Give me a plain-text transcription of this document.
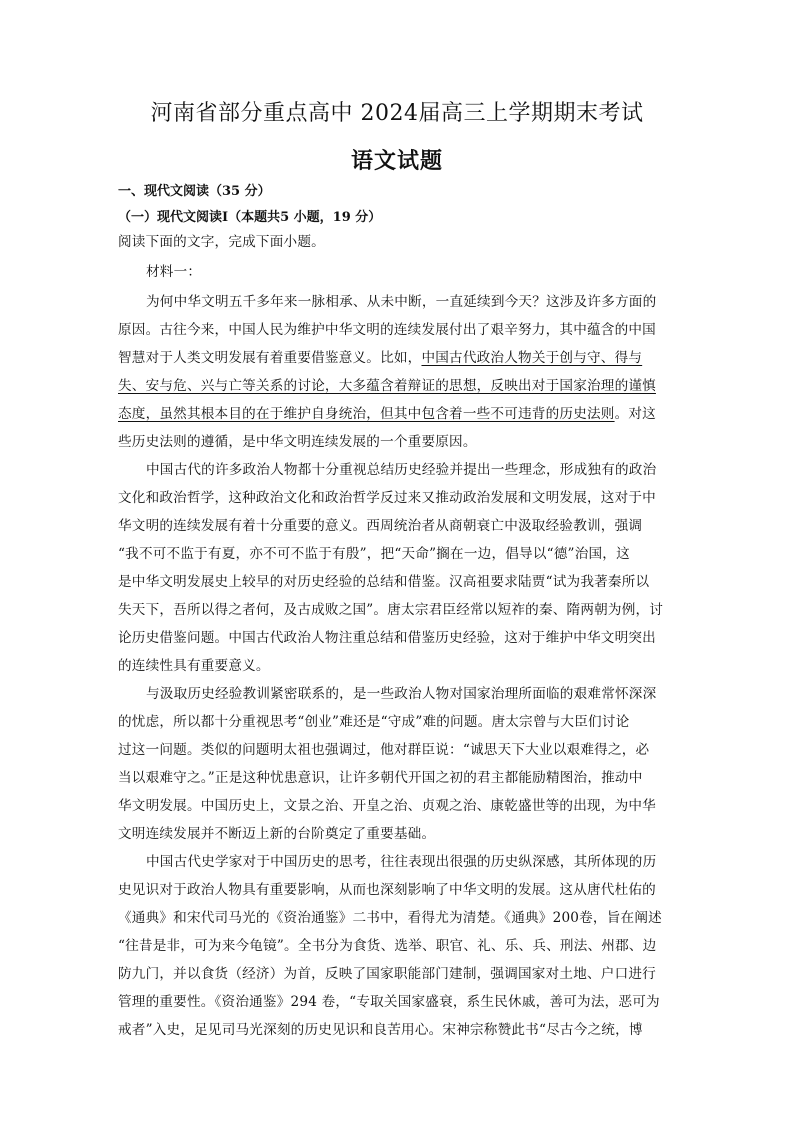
河南省部分重点高中 2024届高三上学期期末考试
语文试题
一、现代文阅读（35 分）
（一）现代文阅读Ⅰ（本题共5 小题，19 分）
阅读下面的文字，完成下面小题。
材料一：
为何中华文明五千多年来一脉相承、从未中断，一直延续到今天？这涉及许多方面的
原因。古往今来，中国人民为维护中华文明的连续发展付出了艰辛努力，其中蕴含的中国
智慧对于人类文明发展有着重要借鉴意义。比如，中国古代政治人物关于创与守、得与
失、安与危、兴与亡等关系的讨论，大多蕴含着辩证的思想，反映出对于国家治理的谨慎
态度，虽然其根本目的在于维护自身统治，但其中包含着一些不可违背的历史法则。对这
些历史法则的遵循，是中华文明连续发展的一个重要原因。
中国古代的许多政治人物都十分重视总结历史经验并提出一些理念，形成独有的政治
文化和政治哲学，这种政治文化和政治哲学反过来又推动政治发展和文明发展，这对于中
华文明的连续发展有着十分重要的意义。西周统治者从商朝衰亡中汲取经验教训，强调
“我不可不监于有夏，亦不可不监于有殷”，把“天命”搁在一边，倡导以“德”治国，这
是中华文明发展史上较早的对历史经验的总结和借鉴。汉高祖要求陆贾“试为我著秦所以
失天下，吾所以得之者何，及古成败之国”。唐太宗君臣经常以短祚的秦、隋两朝为例，讨
论历史借鉴问题。中国古代政治人物注重总结和借鉴历史经验，这对于维护中华文明突出
的连续性具有重要意义。
与汲取历史经验教训紧密联系的，是一些政治人物对国家治理所面临的艰难常怀深深
的忧虑，所以都十分重视思考“创业”难还是“守成”难的问题。唐太宗曾与大臣们讨论
过这一问题。类似的问题明太祖也强调过，他对群臣说：“诚思天下大业以艰难得之，必
当以艰难守之。”正是这种忧患意识，让许多朝代开国之初的君主都能励精图治，推动中
华文明发展。中国历史上，文景之治、开皇之治、贞观之治、康乾盛世等的出现，为中华
文明连续发展并不断迈上新的台阶奠定了重要基础。
中国古代史学家对于中国历史的思考，往往表现出很强的历史纵深感，其所体现的历
史见识对于政治人物具有重要影响，从而也深刻影响了中华文明的发展。这从唐代杜佑的
《通典》和宋代司马光的《资治通鉴》二书中，看得尤为清楚。《通典》200卷，旨在阐述
“往昔是非，可为来今龟镜”。全书分为食货、选举、职官、礼、乐、兵、刑法、州郡、边
防九门，并以食货（经济）为首，反映了国家职能部门建制，强调国家对土地、户口进行
管理的重要性。《资治通鉴》294 卷，“专取关国家盛衰，系生民休戚，善可为法，恶可为
戒者”入史，足见司马光深刻的历史见识和良苦用心。宋神宗称赞此书“尽古今之统，博
